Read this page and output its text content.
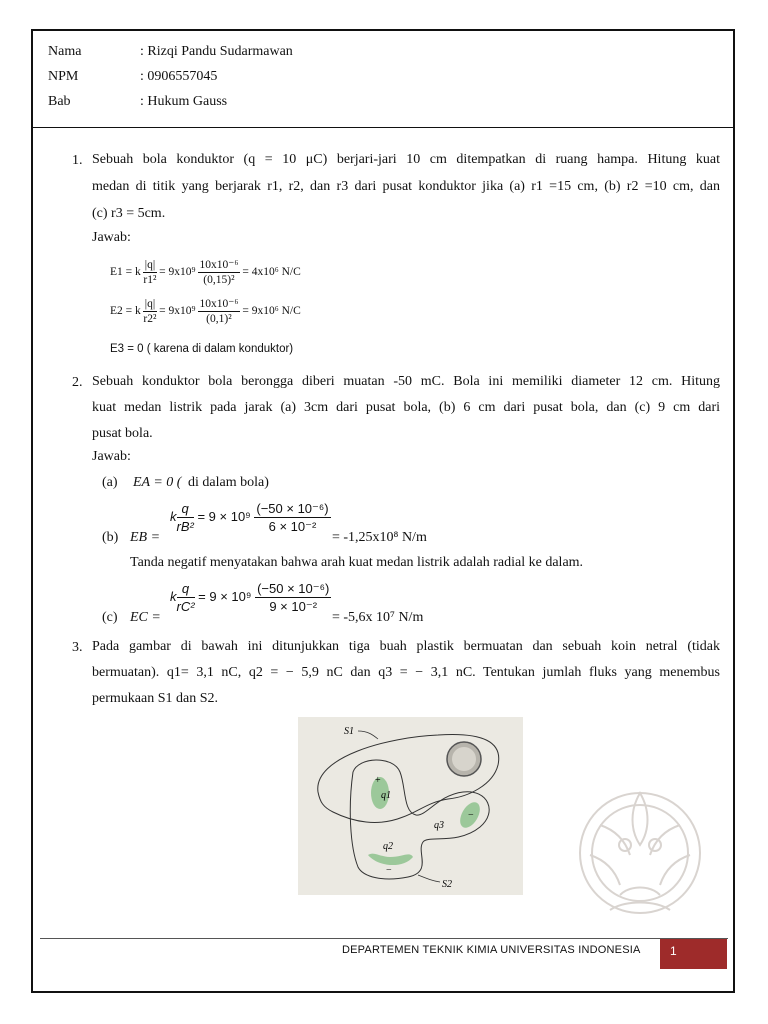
Nama	: Rizqi Pandu Sudarmawan
NPM	: 0906557045
Bab	: Hukum Gauss
1. Sebuah bola konduktor (q = 10 μC) berjari-jari 10 cm ditempatkan di ruang hampa. Hitung kuat
medan di titik yang berjarak r1, r2, dan r3 dari pusat konduktor jika (a) r1 =15 cm, (b) r2 =10 cm, dan
(c) r3 = 5cm.
Jawab:
E1 = k $\frac{|q|}{\text{r1²}} = 9x10^9 \frac{\text{10x10⁻⁶}}{\text{(0,15)²}} = 4x10^6$ N/C
E2 = k $\frac{|q|}{\text{r2²}} = 9x10^9 \frac{\text{10x10⁻⁶}}{\text{(0,1)²}} = 9x10^6$ N/C
E3 = 0 ( karena di dalam konduktor)
2. Sebuah konduktor bola berongga diberi muatan -50 mC. Bola ini memiliki diameter 12 cm. Hitung
kuat medan listrik pada jarak (a) 3cm dari pusat bola, (b) 6 cm dari pusat bola, dan (c) 9 cm dari
pusat bola.
Jawab:
(a) EA = 0 ( di dalam bola)
(b) EB =
k $\frac{q}{\text{rB²}} = 9 \times 10^9 \frac{\text{(−50 × 10⁻⁶)}}{\text{6 × 10⁻²}}$
= -1,25x10⁸ N/m
Tanda negatif menyatakan bahwa arah kuat medan listrik adalah radial ke dalam.
(c) EC =
k $\frac{q}{\text{rC²}} = 9 \times 10^9 \frac{\text{(−50 × 10⁻⁶)}}{\text{9 × 10⁻²}}$
= -5,6x 10⁷ N/m
3. Pada gambar di bawah ini ditunjukkan tiga buah plastik bermuatan dan sebuah koin netral (tidak
bermuatan). q1= 3,1 nC, q2 = − 5,9 nC dan q3 = − 3,1 nC. Tentukan jumlah fluks yang menembus
permukaan S1 dan S2.
S1
S2
q1
+
q3
−
q2
−
DEPARTEMEN TEKNIK KIMIA UNIVERSITAS INDONESIA	1
